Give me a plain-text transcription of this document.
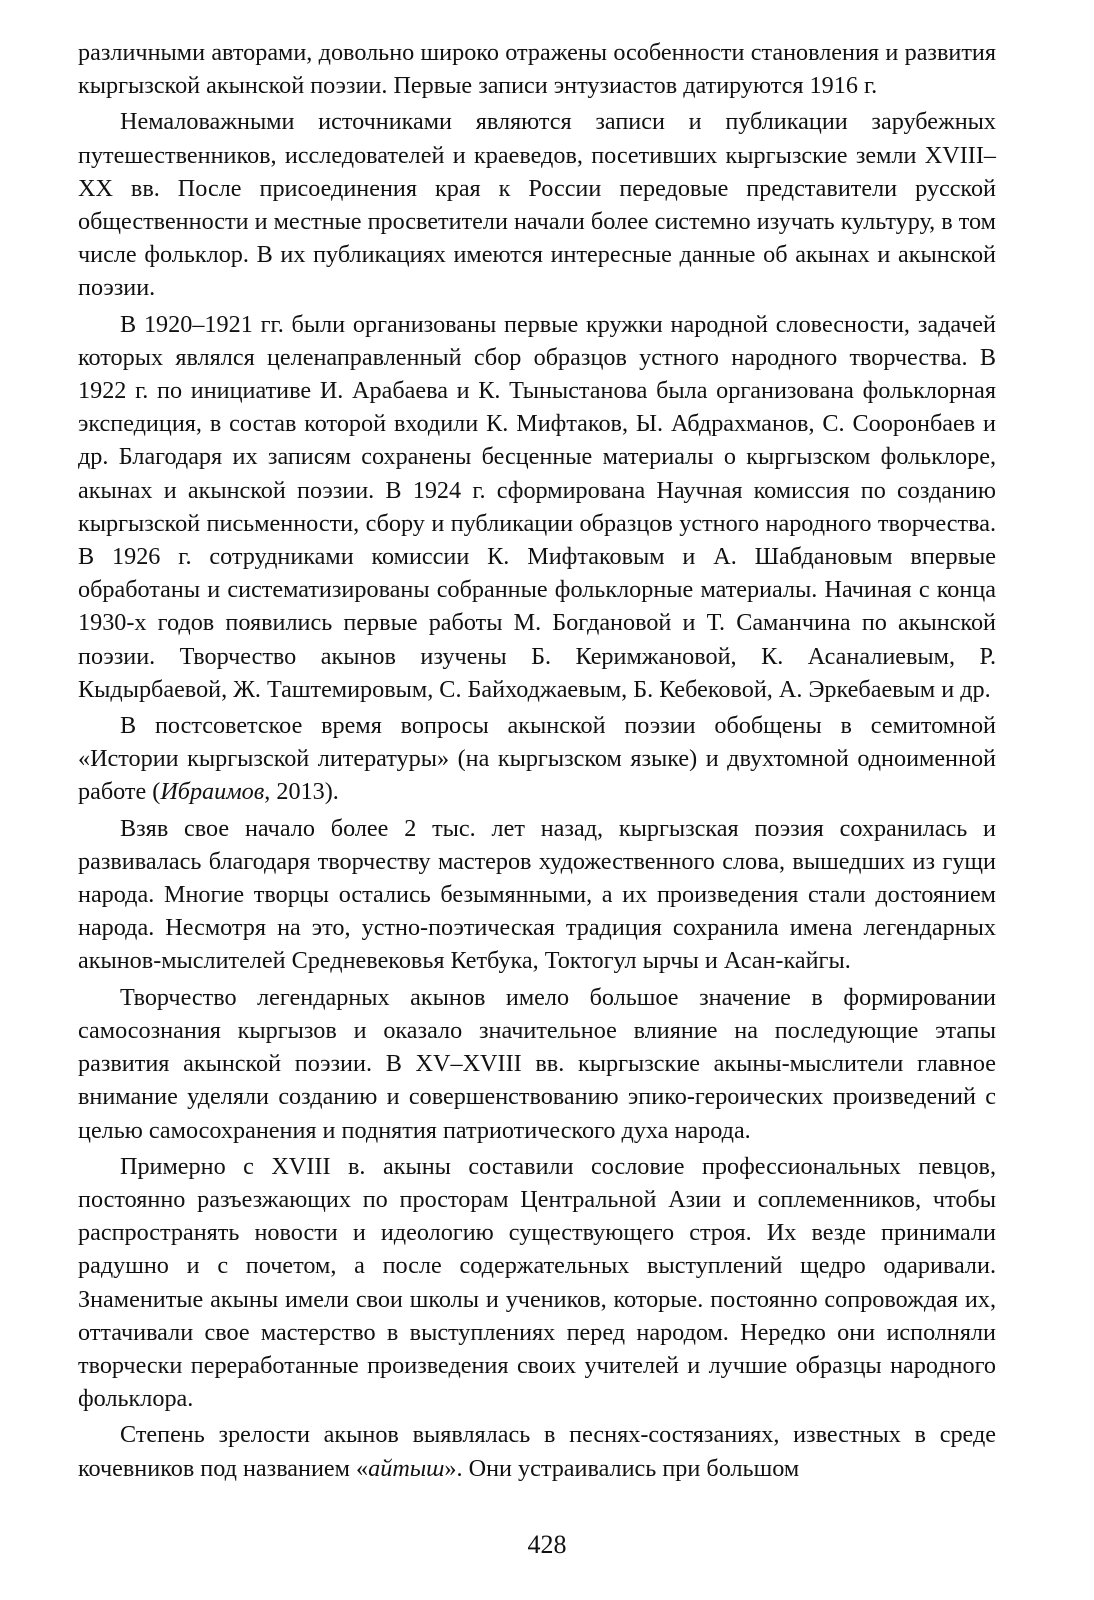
различными авторами, довольно широко отражены особенности становления и развития кыргызской акынской поэзии. Первые записи энтузиастов датируются 1916 г.

Немаловажными источниками являются записи и публикации зарубежных путешественников, исследователей и краеведов, посетивших кыргызские земли XVIII–XX вв. После присоединения края к России передовые представители русской общественности и местные просветители начали более системно изучать культуру, в том числе фольклор. В их публикациях имеются интересные данные об акынах и акынской поэзии.

В 1920–1921 гг. были организованы первые кружки народной словесности, задачей которых являлся целенаправленный сбор образцов устного народного творчества. В 1922 г. по инициативе И. Арабаева и К. Тыныстанова была организована фольклорная экспедиция, в состав которой входили К. Мифтаков, Ы. Абдрахманов, С. Сооронбаев и др. Благодаря их записям сохранены бесценные материалы о кыргызском фольклоре, акынах и акынской поэзии. В 1924 г. сформирована Научная комиссия по созданию кыргызской письменности, сбору и публикации образцов устного народного творчества. В 1926 г. сотрудниками комиссии К. Мифтаковым и А. Шабдановым впервые обработаны и систематизированы собранные фольклорные материалы. Начиная с конца 1930-х годов появились первые работы М. Богдановой и Т. Саманчина по акынской поэзии. Творчество акынов изучены Б. Керимжановой, К. Асаналиевым, Р. Кыдырбаевой, Ж. Таштемировым, С. Байходжаевым, Б. Кебековой, А. Эркебаевым и др.

В постсоветское время вопросы акынской поэзии обобщены в семитомной «Истории кыргызской литературы» (на кыргызском языке) и двухтомной одноименной работе (Ибраимов, 2013).

Взяв свое начало более 2 тыс. лет назад, кыргызская поэзия сохранилась и развивалась благодаря творчеству мастеров художественного слова, вышедших из гущи народа. Многие творцы остались безымянными, а их произведения стали достоянием народа. Несмотря на это, устно-поэтическая традиция сохранила имена легендарных акынов-мыслителей Средневековья Кетбука, Токтогул ырчы и Асан-кайгы.

Творчество легендарных акынов имело большое значение в формировании самосознания кыргызов и оказало значительное влияние на последующие этапы развития акынской поэзии. В XV–XVIII вв. кыргызские акыны-мыслители главное внимание уделяли созданию и совершенствованию эпико-героических произведений с целью самосохранения и поднятия патриотического духа народа.

Примерно с XVIII в. акыны составили сословие профессиональных певцов, постоянно разъезжающих по просторам Центральной Азии и соплеменников, чтобы распространять новости и идеологию существующего строя. Их везде принимали радушно и с почетом, а после содержательных выступлений щедро одаривали. Знаменитые акыны имели свои школы и учеников, которые. постоянно сопровождая их, оттачивали свое мастерство в выступлениях перед народом. Нередко они исполняли творчески переработанные произведения своих учителей и лучшие образцы народного фольклора.

Степень зрелости акынов выявлялась в песнях-состязаниях, известных в среде кочевников под названием «айтыш». Они устраивались при большом

428
